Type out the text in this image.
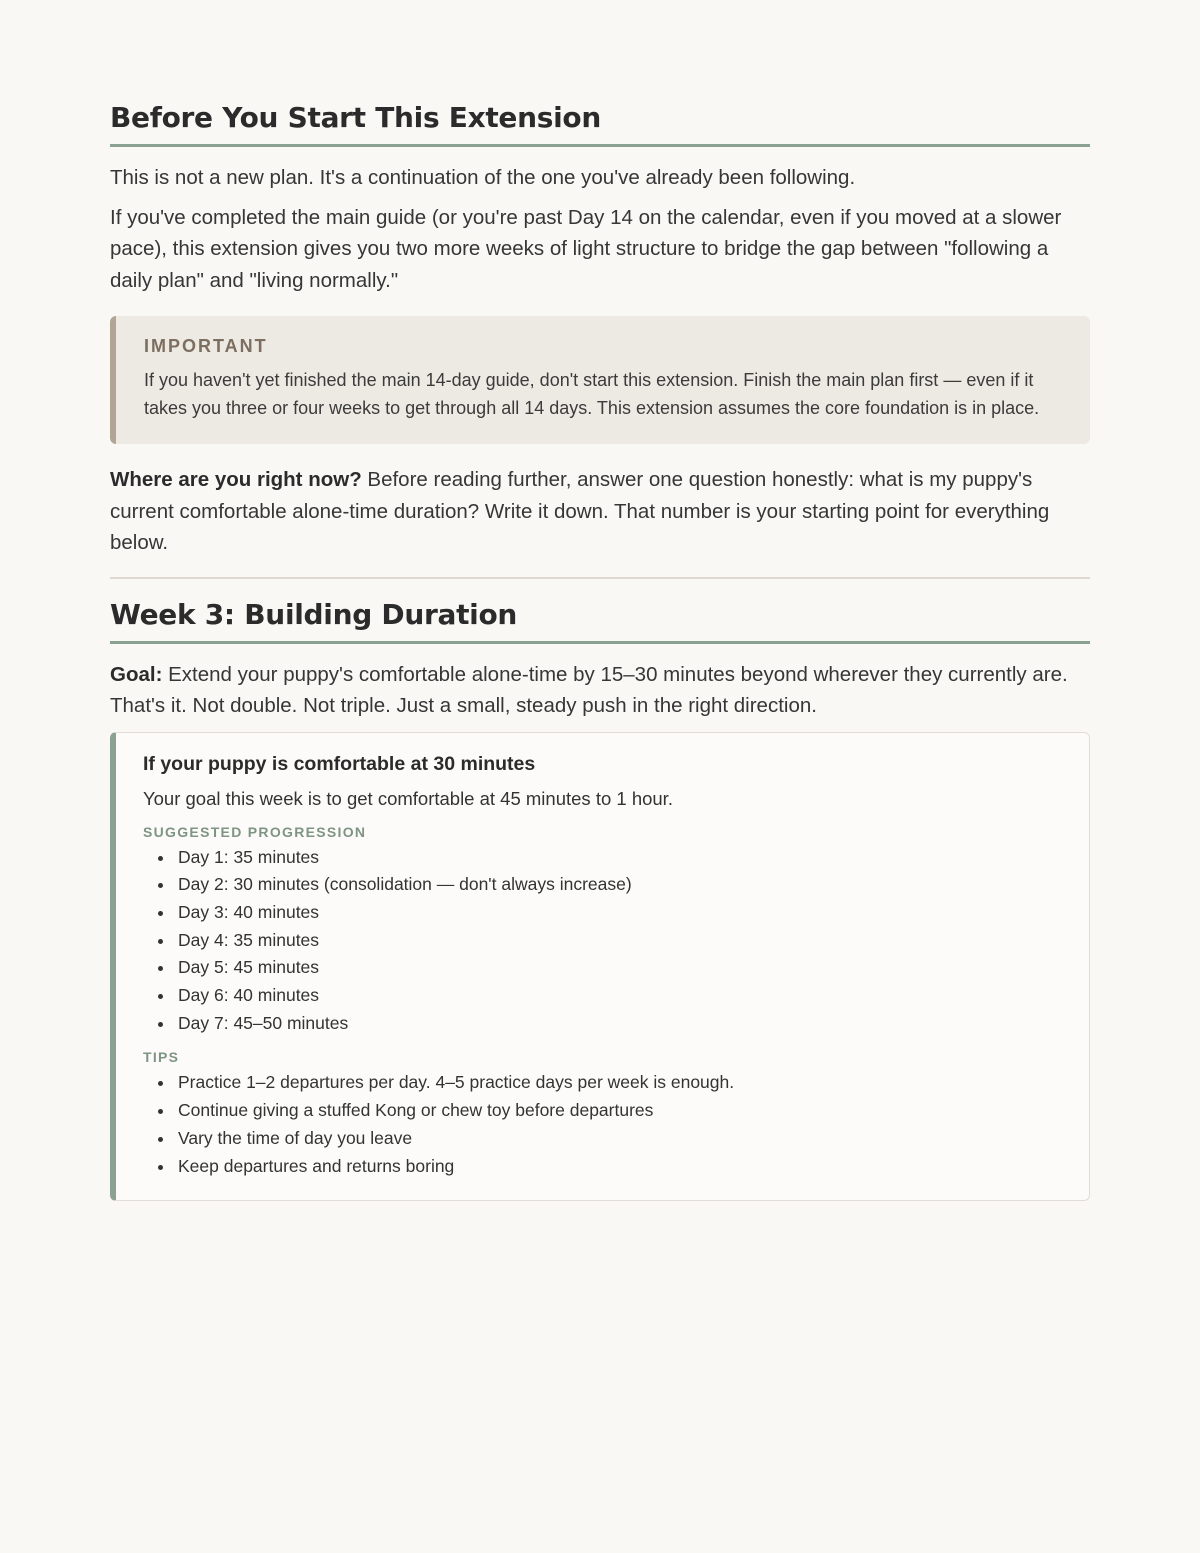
Before You Start This Extension

This is not a new plan. It's a continuation of the one you've already been following.

If you've completed the main guide (or you're past Day 14 on the calendar, even if you moved at a slower pace), this extension gives you two more weeks of light structure to bridge the gap between "following a daily plan" and "living normally."

IMPORTANT
If you haven't yet finished the main 14-day guide, don't start this extension. Finish the main plan first — even if it takes you three or four weeks to get through all 14 days. This extension assumes the core foundation is in place.

Where are you right now? Before reading further, answer one question honestly: what is my puppy's current comfortable alone-time duration? Write it down. That number is your starting point for everything below.

Week 3: Building Duration

Goal: Extend your puppy's comfortable alone-time by 15–30 minutes beyond wherever they currently are. That's it. Not double. Not triple. Just a small, steady push in the right direction.

If your puppy is comfortable at 30 minutes
Your goal this week is to get comfortable at 45 minutes to 1 hour.
SUGGESTED PROGRESSION
Day 1: 35 minutes
Day 2: 30 minutes (consolidation — don't always increase)
Day 3: 40 minutes
Day 4: 35 minutes
Day 5: 45 minutes
Day 6: 40 minutes
Day 7: 45–50 minutes
TIPS
Practice 1–2 departures per day. 4–5 practice days per week is enough.
Continue giving a stuffed Kong or chew toy before departures
Vary the time of day you leave
Keep departures and returns boring
